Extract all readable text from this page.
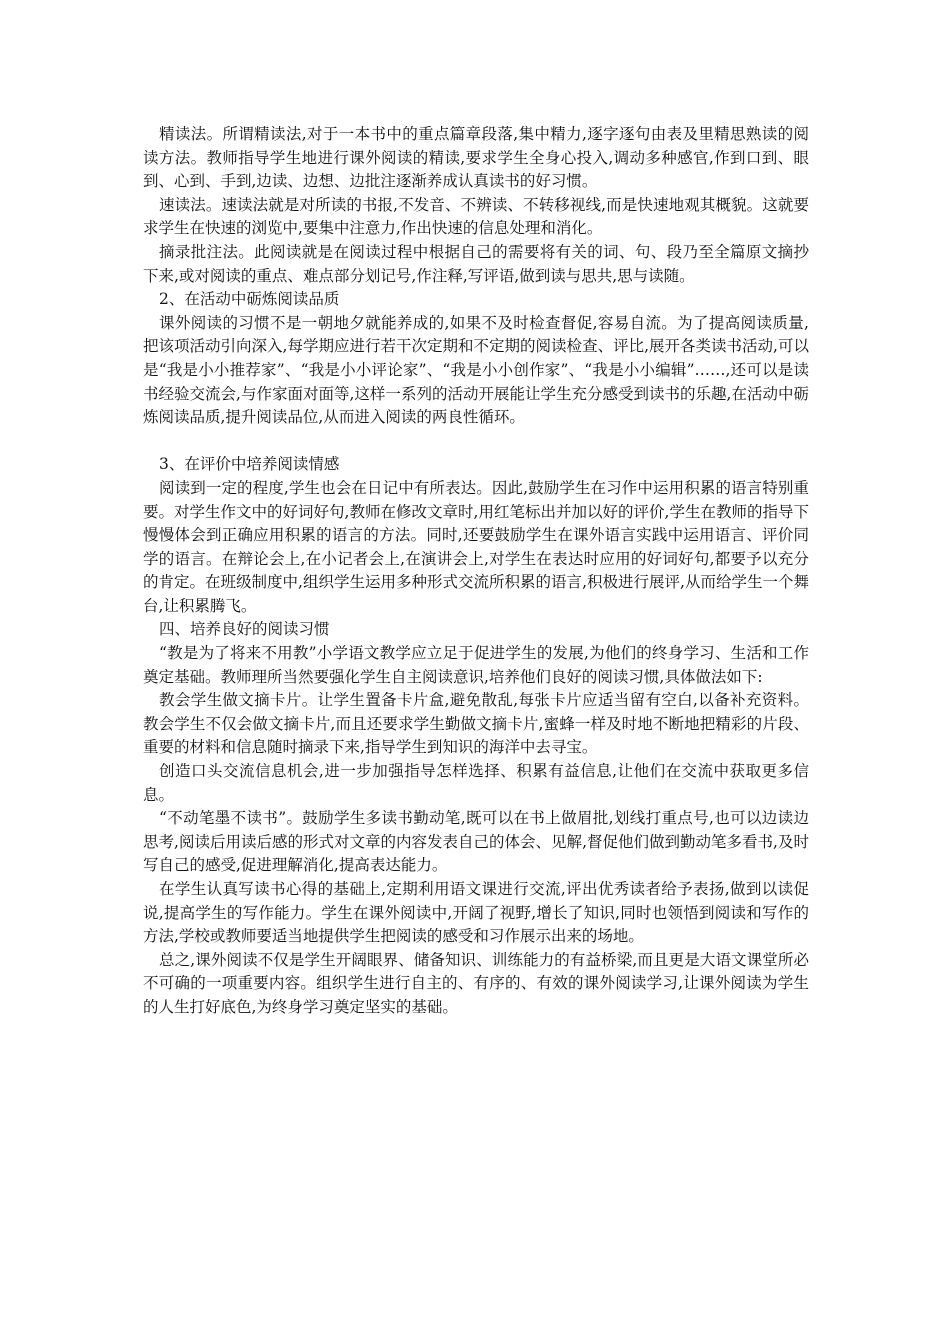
精读法。所谓精读法,对于一本书中的重点篇章段落,集中精力,逐字逐句由表及里精思熟读的阅读方法。教师指导学生地进行课外阅读的精读,要求学生全身心投入,调动多种感官,作到口到、眼到、心到、手到,边读、边想、边批注逐渐养成认真读书的好习惯。

速读法。速读法就是对所读的书报,不发音、不辨读、不转移视线,而是快速地观其概貌。这就要求学生在快速的浏览中,要集中注意力,作出快速的信息处理和消化。

摘录批注法。此阅读就是在阅读过程中根据自己的需要将有关的词、句、段乃至全篇原文摘抄下来,或对阅读的重点、难点部分划记号,作注释,写评语,做到读与思共,思与读随。

2、在活动中砺炼阅读品质

课外阅读的习惯不是一朝地夕就能养成的,如果不及时检查督促,容易自流。为了提高阅读质量,把该项活动引向深入,每学期应进行若干次定期和不定期的阅读检查、评比,展开各类读书活动,可以是“我是小小推荐家”、“我是小小评论家”、“我是小小创作家”、“我是小小编辑”……,还可以是读书经验交流会,与作家面对面等,这样一系列的活动开展能让学生充分感受到读书的乐趣,在活动中砺炼阅读品质,提升阅读品位,从而进入阅读的两良性循环。

3、在评价中培养阅读情感

阅读到一定的程度,学生也会在日记中有所表达。因此,鼓励学生在习作中运用积累的语言特别重要。对学生作文中的好词好句,教师在修改文章时,用红笔标出并加以好的评价,学生在教师的指导下慢慢体会到正确应用积累的语言的方法。同时,还要鼓励学生在课外语言实践中运用语言、评价同学的语言。在辩论会上,在小记者会上,在演讲会上,对学生在表达时应用的好词好句,都要予以充分的肯定。在班级制度中,组织学生运用多种形式交流所积累的语言,积极进行展评,从而给学生一个舞台,让积累腾飞。

四、培养良好的阅读习惯

“教是为了将来不用教”小学语文教学应立足于促进学生的发展,为他们的终身学习、生活和工作奠定基础。教师理所当然要强化学生自主阅读意识,培养他们良好的阅读习惯,具体做法如下:

教会学生做文摘卡片。让学生置备卡片盒,避免散乱,每张卡片应适当留有空白,以备补充资料。教会学生不仅会做文摘卡片,而且还要求学生勤做文摘卡片,蜜蜂一样及时地不断地把精彩的片段、重要的材料和信息随时摘录下来,指导学生到知识的海洋中去寻宝。

创造口头交流信息机会,进一步加强指导怎样选择、积累有益信息,让他们在交流中获取更多信息。

“不动笔墨不读书”。鼓励学生多读书勤动笔,既可以在书上做眉批,划线打重点号,也可以边读边思考,阅读后用读后感的形式对文章的内容发表自己的体会、见解,督促他们做到勤动笔多看书,及时写自己的感受,促进理解消化,提高表达能力。

在学生认真写读书心得的基础上,定期利用语文课进行交流,评出优秀读者给予表扬,做到以读促说,提高学生的写作能力。学生在课外阅读中,开阔了视野,增长了知识,同时也领悟到阅读和写作的方法,学校或教师要适当地提供学生把阅读的感受和习作展示出来的场地。

总之,课外阅读不仅是学生开阔眼界、储备知识、训练能力的有益桥梁,而且更是大语文课堂所必不可确的一项重要内容。组织学生进行自主的、有序的、有效的课外阅读学习,让课外阅读为学生的人生打好底色,为终身学习奠定坚实的基础。
